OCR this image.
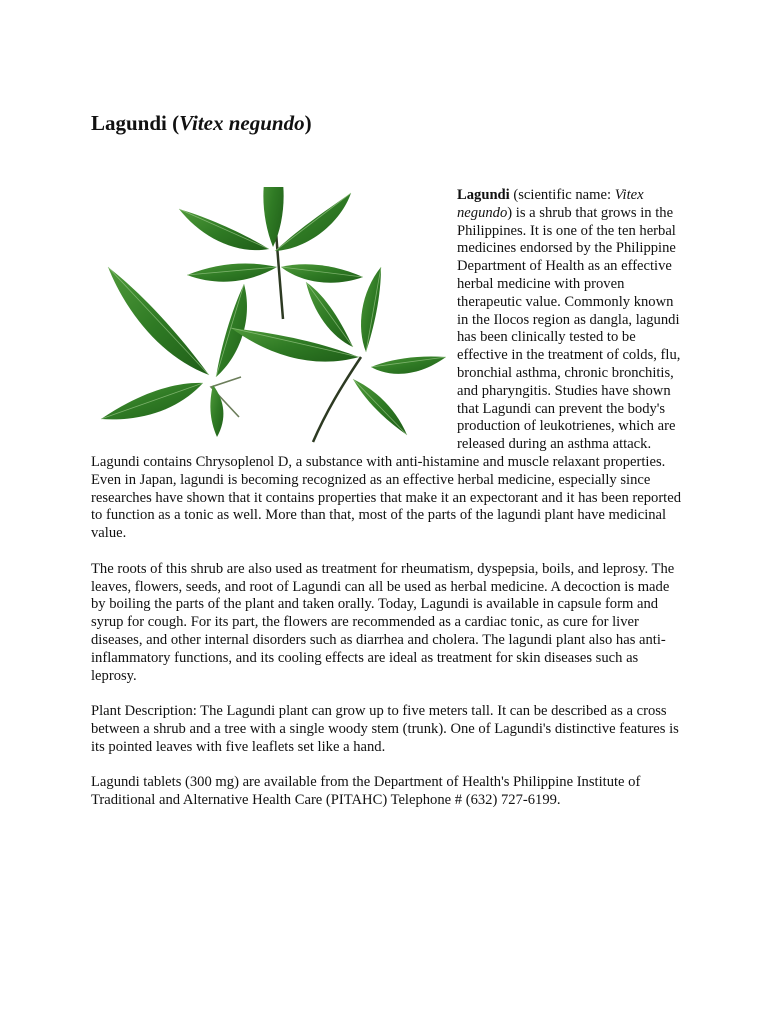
Lagundi (Vitex negundo)

Lagundi (scientific name: Vitex negundo) is a shrub that grows in the Philippines. It is one of the ten herbal medicines endorsed by the Philippine Department of Health as an effective herbal medicine with proven therapeutic value. Commonly known in the Ilocos region as dangla, lagundi has been clinically tested to be effective in the treatment of colds, flu, bronchial asthma, chronic bronchitis, and pharyngitis. Studies have shown that Lagundi can prevent the body's production of leukotrienes, which are released during an asthma attack. Lagundi contains Chrysoplenol D, a substance with anti-histamine and muscle relaxant properties. Even in Japan, lagundi is becoming recognized as an effective herbal medicine, especially since researches have shown that it contains properties that make it an expectorant and it has been reported to function as a tonic as well. More than that, most of the parts of the lagundi plant have medicinal value.

The roots of this shrub are also used as treatment for rheumatism, dyspepsia, boils, and leprosy. The leaves, flowers, seeds, and root of Lagundi can all be used as herbal medicine. A decoction is made by boiling the parts of the plant and taken orally. Today, Lagundi is available in capsule form and syrup for cough. For its part, the flowers are recommended as a cardiac tonic, as cure for liver diseases, and other internal disorders such as diarrhea and cholera. The lagundi plant also has anti-inflammatory functions, and its cooling effects are ideal as treatment for skin diseases such as leprosy.

Plant Description: The Lagundi plant can grow up to five meters tall. It can be described as a cross between a shrub and a tree with a single woody stem (trunk). One of Lagundi's distinctive features is its pointed leaves with five leaflets set like a hand.

Lagundi tablets (300 mg) are available from the Department of Health's Philippine Institute of Traditional and Alternative Health Care (PITAHC) Telephone # (632) 727-6199.
